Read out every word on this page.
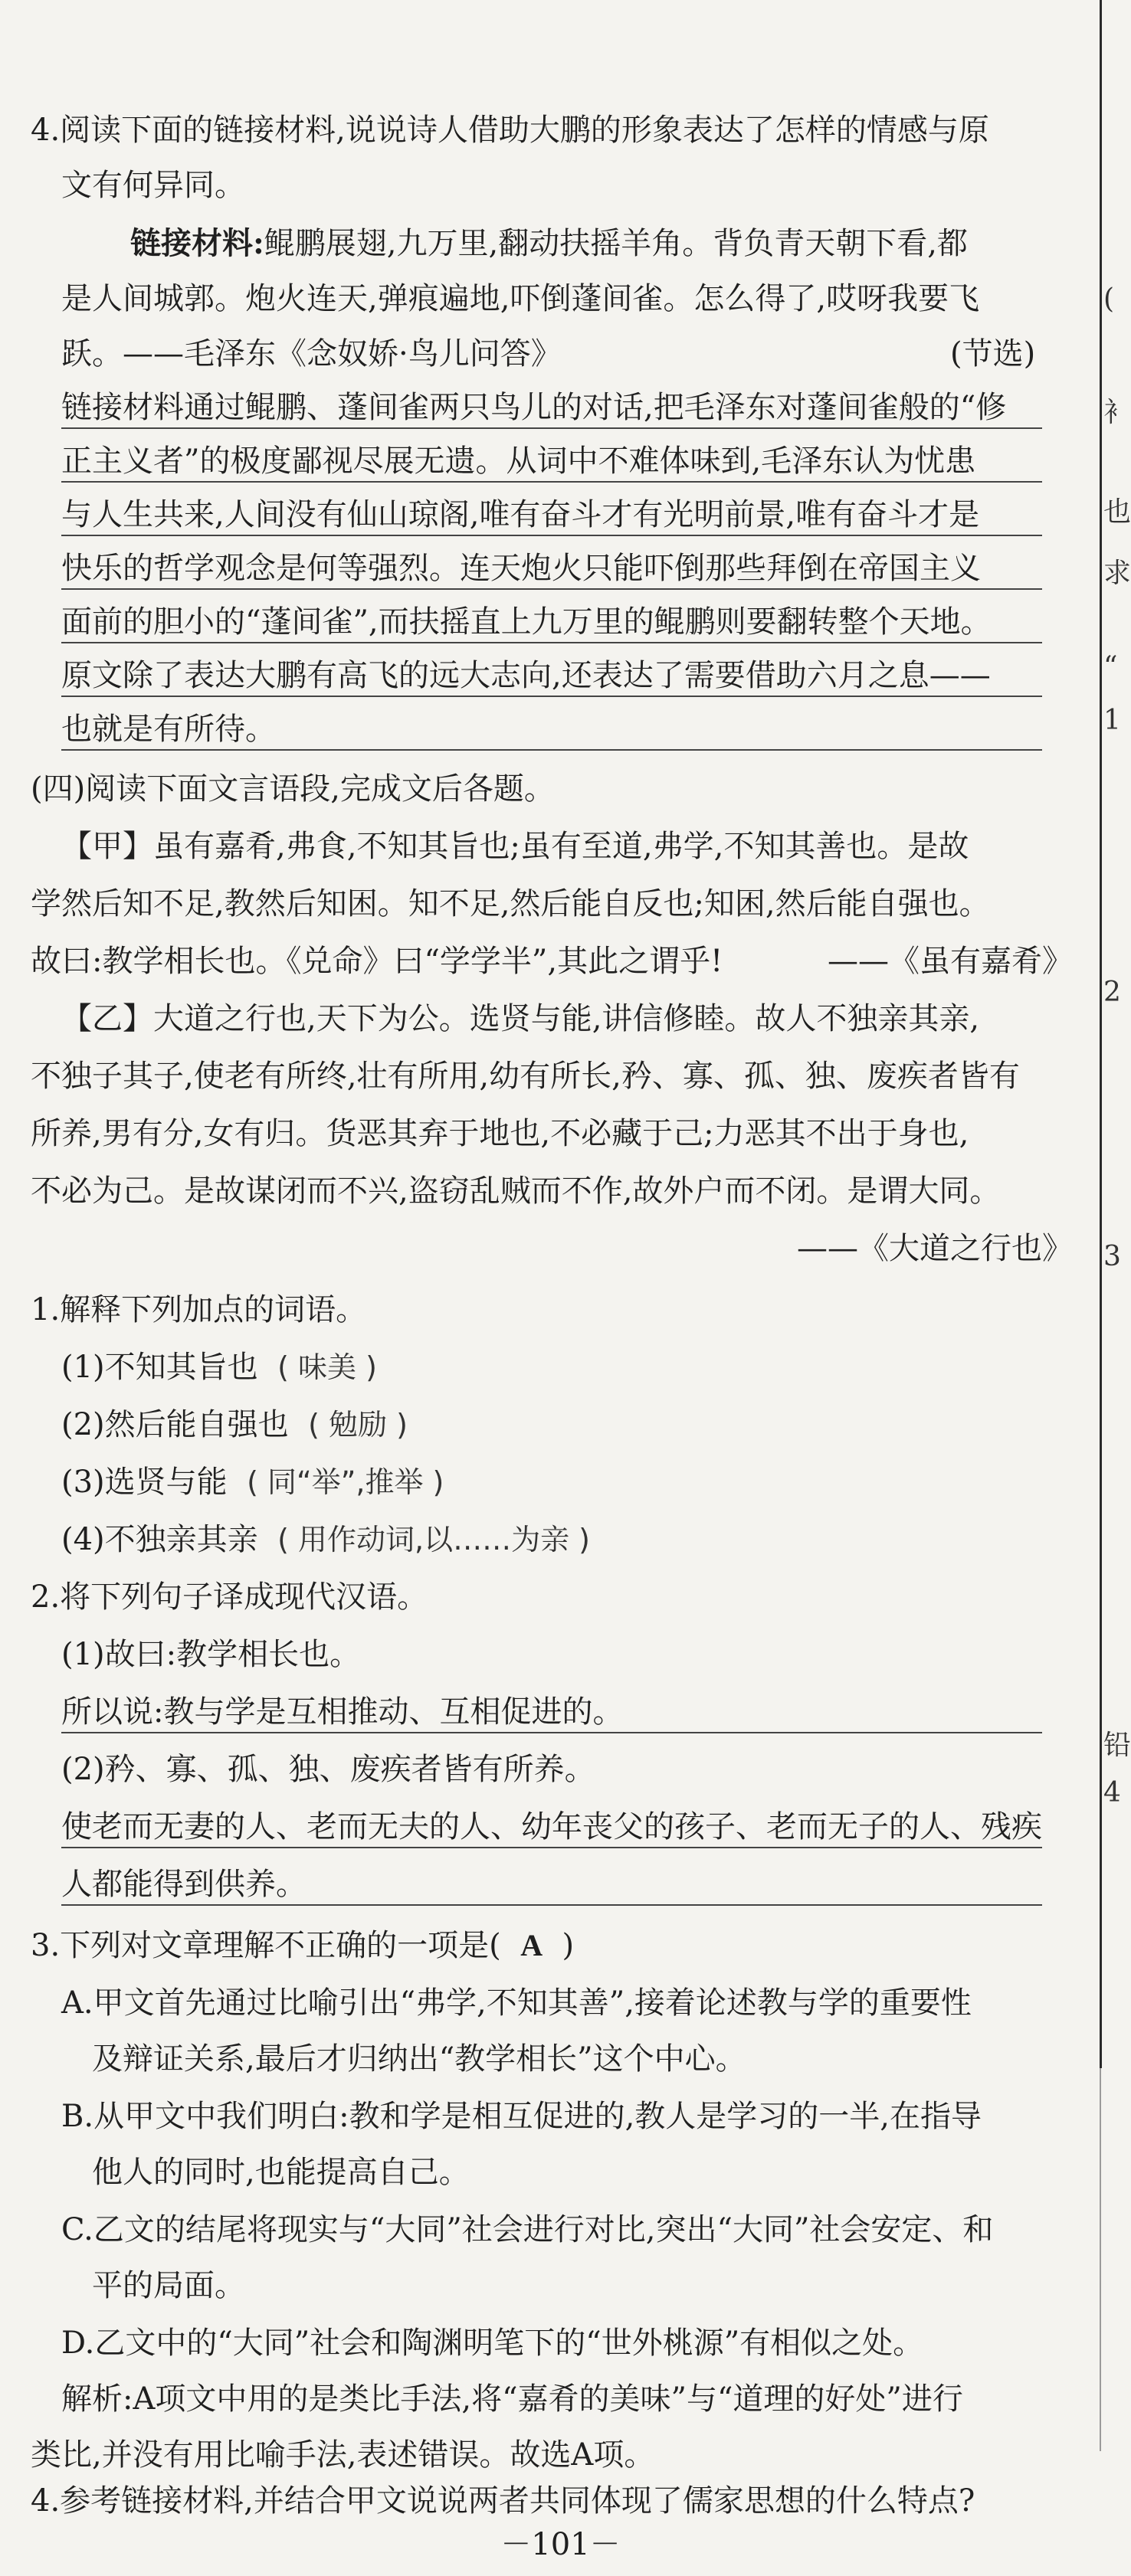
4.阅读下面的链接材料,说说诗人借助大鹏的形象表达了怎样的情感与原
文有何异同。
链接材料:鲲鹏展翅,九万里,翻动扶摇羊角。背负青天朝下看,都
是人间城郭。炮火连天,弹痕遍地,吓倒蓬间雀。怎么得了,哎呀我要飞
跃。——毛泽东《念奴娇·鸟儿问答》	(节选)
链接材料通过鲲鹏、蓬间雀两只鸟儿的对话,把毛泽东对蓬间雀般的“修
正主义者”的极度鄙视尽展无遗。从词中不难体味到,毛泽东认为忧患
与人生共来,人间没有仙山琼阁,唯有奋斗才有光明前景,唯有奋斗才是
快乐的哲学观念是何等强烈。连天炮火只能吓倒那些拜倒在帝国主义
面前的胆小的“蓬间雀”,而扶摇直上九万里的鲲鹏则要翻转整个天地。
原文除了表达大鹏有高飞的远大志向,还表达了需要借助六月之息——
也就是有所待。
(四)阅读下面文言语段,完成文后各题。
【甲】虽有嘉肴,弗食,不知其旨也;虽有至道,弗学,不知其善也。是故
学然后知不足,教然后知困。知不足,然后能自反也;知困,然后能自强也。
故曰:教学相长也。《兑命》曰“学学半”,其此之谓乎!	——《虽有嘉肴》
【乙】大道之行也,天下为公。选贤与能,讲信修睦。故人不独亲其亲,
不独子其子,使老有所终,壮有所用,幼有所长,矜、寡、孤、独、废疾者皆有
所养,男有分,女有归。货恶其弃于地也,不必藏于己;力恶其不出于身也,
不必为己。是故谋闭而不兴,盗窃乱贼而不作,故外户而不闭。是谓大同。
——《大道之行也》
1.解释下列加点的词语。
(1)不知其旨也 ( 味美 )
(2)然后能自强也 ( 勉励 )
(3)选贤与能 ( 同“举”,推举 )
(4)不独亲其亲 ( 用作动词,以……为亲 )
2.将下列句子译成现代汉语。
(1)故曰:教学相长也。
所以说:教与学是互相推动、互相促进的。
(2)矜、寡、孤、独、废疾者皆有所养。
使老而无妻的人、老而无夫的人、幼年丧父的孩子、老而无子的人、残疾
人都能得到供养。
3.下列对文章理解不正确的一项是( A )
A.甲文首先通过比喻引出“弗学,不知其善”,接着论述教与学的重要性
及辩证关系,最后才归纳出“教学相长”这个中心。
B.从甲文中我们明白:教和学是相互促进的,教人是学习的一半,在指导
他人的同时,也能提高自己。
C.乙文的结尾将现实与“大同”社会进行对比,突出“大同”社会安定、和
平的局面。
D.乙文中的“大同”社会和陶渊明笔下的“世外桃源”有相似之处。
解析:A项文中用的是类比手法,将“嘉肴的美味”与“道理的好处”进行
类比,并没有用比喻手法,表述错误。故选A项。
4.参考链接材料,并结合甲文说说两者共同体现了儒家思想的什么特点?
－101－
(
衤
也
求
“
1
2
3
铅
4
